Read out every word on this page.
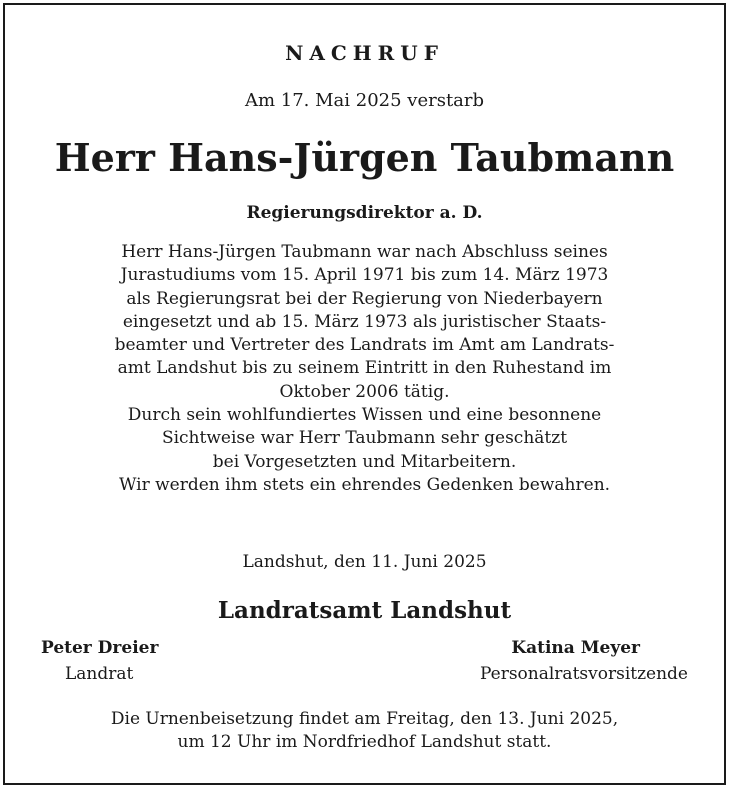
NACHRUF
Am 17. Mai 2025 verstarb
Herr Hans-Jürgen Taubmann
Regierungsdirektor a. D.
Herr Hans-Jürgen Taubmann war nach Abschluss seines
Jurastudiums vom 15. April 1971 bis zum 14. März 1973
als Regierungsrat bei der Regierung von Niederbayern
eingesetzt und ab 15. März 1973 als juristischer Staats-
beamter und Vertreter des Landrats im Amt am Landrats-
amt Landshut bis zu seinem Eintritt in den Ruhestand im
Oktober 2006 tätig.
Durch sein wohlfundiertes Wissen und eine besonnene
Sichtweise war Herr Taubmann sehr geschätzt
bei Vorgesetzten und Mitarbeitern.
Wir werden ihm stets ein ehrendes Gedenken bewahren.
Landshut, den 11. Juni 2025
Landratsamt Landshut
Peter Dreier
Landrat
Katina Meyer
Personalratsvorsitzende
Die Urnenbeisetzung findet am Freitag, den 13. Juni 2025,
um 12 Uhr im Nordfriedhof Landshut statt.
